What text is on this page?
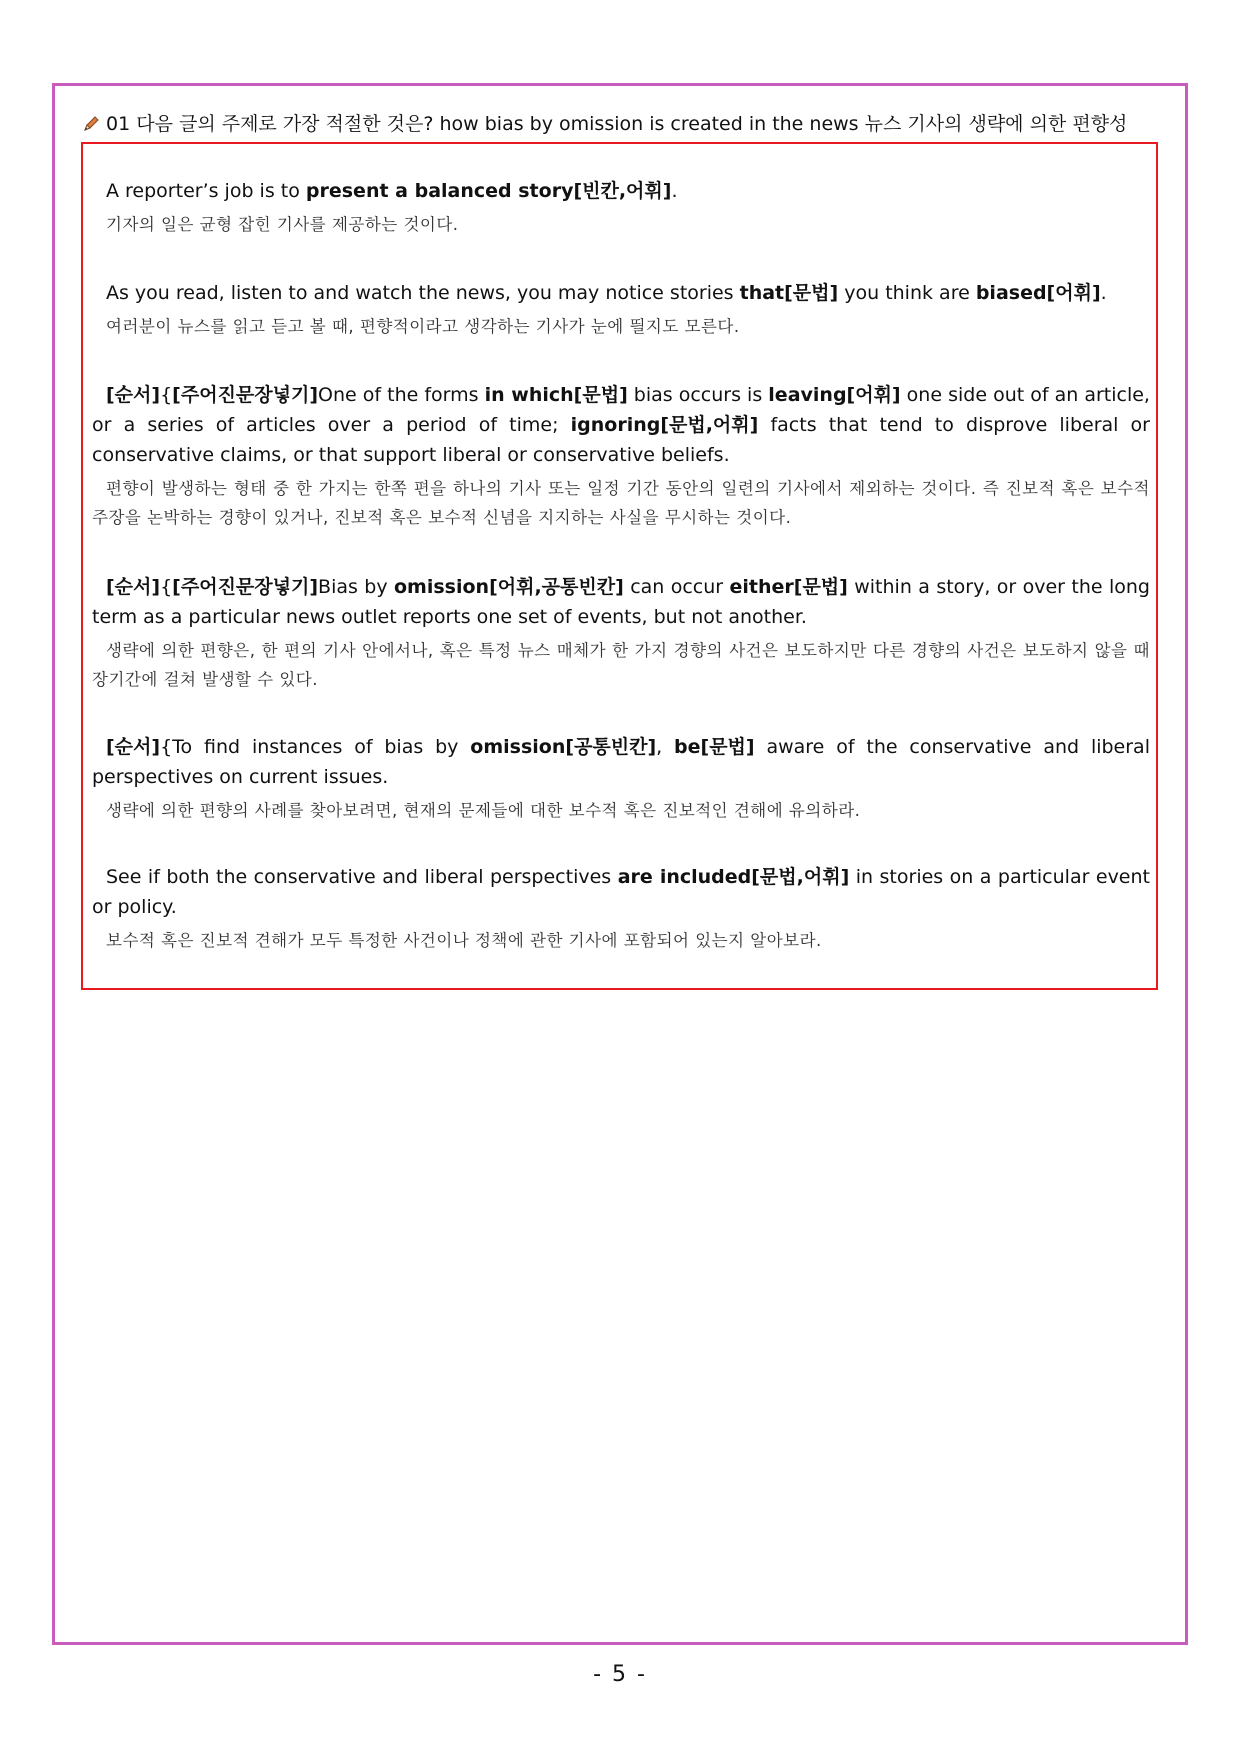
01 다음 글의 주제로 가장 적절한 것은? how bias by omission is created in the news 뉴스 기사의 생략에 의한 편향성
A reporter’s job is to present a balanced story[빈칸,어휘].
기자의 일은 균형 잡힌 기사를 제공하는 것이다.
As you read, listen to and watch the news, you may notice stories that[문법] you think are biased[어휘].
여러분이 뉴스를 읽고 듣고 볼 때, 편향적이라고 생각하는 기사가 눈에 띌지도 모른다.
[순서]{[주어진문장넣기]One of the forms in which[문법] bias occurs is leaving[어휘] one side out of an article, or a series of articles over a period of time; ignoring[문법,어휘] facts that tend to disprove liberal or conservative claims, or that support liberal or conservative beliefs.
편향이 발생하는 형태 중 한 가지는 한쪽 편을 하나의 기사 또는 일정 기간 동안의 일련의 기사에서 제외하는 것이다. 즉 진보적 혹은 보수적 주장을 논박하는 경향이 있거나, 진보적 혹은 보수적 신념을 지지하는 사실을 무시하는 것이다.
[순서]{[주어진문장넣기]Bias by omission[어휘,공통빈칸] can occur either[문법] within a story, or over the long term as a particular news outlet reports one set of events, but not another.
생략에 의한 편향은, 한 편의 기사 안에서나, 혹은 특정 뉴스 매체가 한 가지 경향의 사건은 보도하지만 다른 경향의 사건은 보도하지 않을 때 장기간에 걸쳐 발생할 수 있다.
[순서]{To find instances of bias by omission[공통빈칸], be[문법] aware of the conservative and liberal perspectives on current issues.
생략에 의한 편향의 사례를 찾아보려면, 현재의 문제들에 대한 보수적 혹은 진보적인 견해에 유의하라.
See if both the conservative and liberal perspectives are included[문법,어휘] in stories on a particular event or policy.
보수적 혹은 진보적 견해가 모두 특정한 사건이나 정책에 관한 기사에 포함되어 있는지 알아보라.
- 5 -
